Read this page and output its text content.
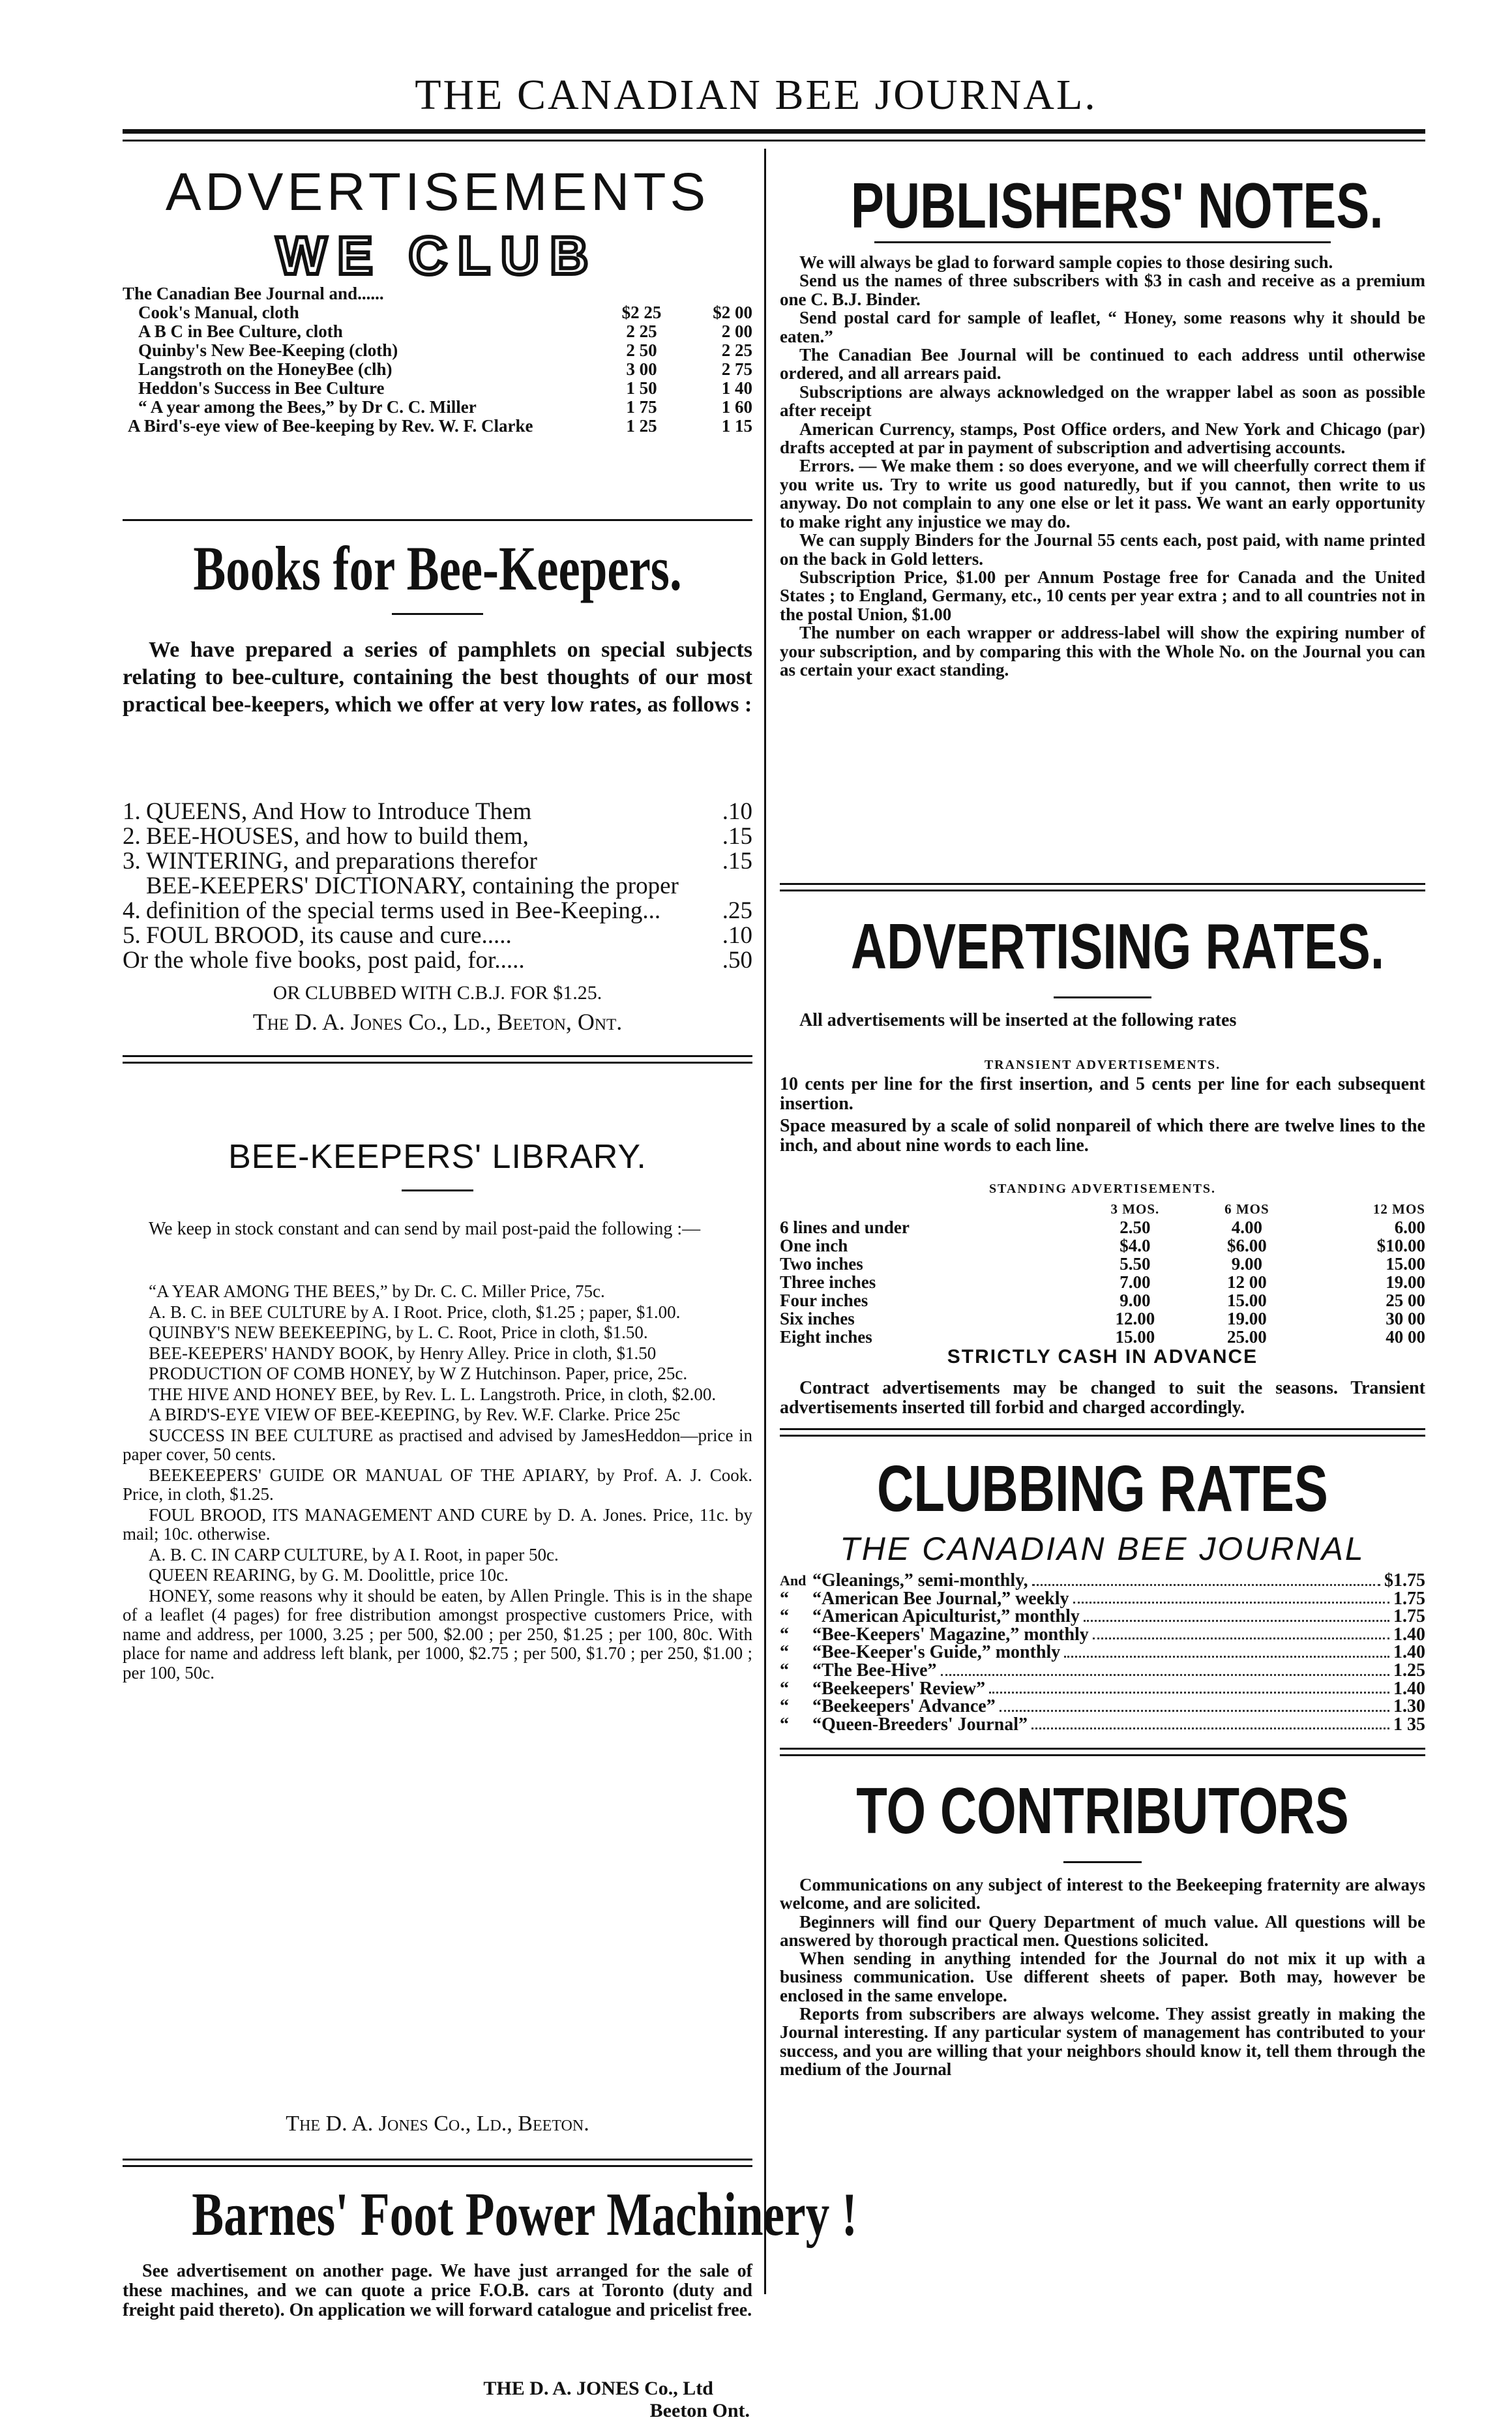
THE CANADIAN BEE JOURNAL.
ADVERTISEMENTS
WE CLUB
The Canadian Bee Journal and......
Cook's Manual, cloth	$2 25	$2 00
A B C in Bee Culture, cloth	2 25	2 00
Quinby's New Bee-Keeping (cloth)	2 50	2 25
Langstroth on the HoneyBee (clh)	3 00	2 75
Heddon's Success in Bee Culture	1 50	1 40
“ A year among the Bees,” by Dr C. C. Miller	1 75	1 60
A Bird's-eye view of Bee-keeping by Rev. W. F. Clarke	1 25	1 15
Books for Bee-Keepers.
We have prepared a series of pamphlets on special subjects relating to bee-culture, containing the best thoughts of our most practical bee-keepers, which we offer at very low rates, as follows :
1. QUEENS, And How to Introduce Them	.10
2. BEE-HOUSES, and how to build them,	.15
3. WINTERING, and preparations therefor	.15
4.
BEE-KEEPERS' DICTIONARY, containing the proper definition of the special terms used in Bee-Keeping...	.25
5. FOUL BROOD, its cause and cure.....	.10
Or the whole five books, post paid, for.....	.50
OR CLUBBED WITH C.B.J. FOR $1.25.
The D. A. Jones Co., Ld., Beeton, Ont.
BEE-KEEPERS' LIBRARY.
We keep in stock constant and can send by mail post-paid the following :—

“A YEAR AMONG THE BEES,” by Dr. C. C. Miller Price, 75c.

A. B. C. in BEE CULTURE by A. I Root. Price, cloth, $1.25 ; paper, $1.00.

QUINBY'S NEW BEEKEEPING, by L. C. Root, Price in cloth, $1.50.

BEE-KEEPERS' HANDY BOOK, by Henry Alley. Price in cloth, $1.50

PRODUCTION OF COMB HONEY, by W Z Hutchinson. Paper, price, 25c.

THE HIVE AND HONEY BEE, by Rev. L. L. Langstroth. Price, in cloth, $2.00.

A BIRD'S-EYE VIEW OF BEE-KEEPING, by Rev. W.F. Clarke. Price 25c

SUCCESS IN BEE CULTURE as practised and advised by JamesHeddon—price in paper cover, 50 cents.

BEEKEEPERS' GUIDE OR MANUAL OF THE APIARY, by Prof. A. J. Cook. Price, in cloth, $1.25.

FOUL BROOD, ITS MANAGEMENT AND CURE by D. A. Jones. Price, 11c. by mail; 10c. otherwise.

A. B. C. IN CARP CULTURE, by A I. Root, in paper 50c.

QUEEN REARING, by G. M. Doolittle, price 10c.

HONEY, some reasons why it should be eaten, by Allen Pringle. This is in the shape of a leaflet (4 pages) for free distribution amongst prospective customers Price, with name and address, per 1000, 3.25 ; per 500, $2.00 ; per 250, $1.25 ; per 100, 80c. With place for name and address left blank, per 1000, $2.75 ; per 500, $1.70 ; per 250, $1.00 ; per 100, 50c.

The D. A. Jones Co., Ld., Beeton.
Barnes' Foot Power Machinery !
See advertisement on another page. We have just arranged for the sale of these machines, and we can quote a price F.O.B. cars at Toronto (duty and freight paid thereto). On application we will forward catalogue and pricelist free.
THE D. A. JONES Co., Ltd
Beeton Ont.
PUBLISHERS' NOTES.

We will always be glad to forward sample copies to those desiring such.

Send us the names of three subscribers with $3 in cash and receive as a premium one C. B.J. Binder.

Send postal card for sample of leaflet, “ Honey, some reasons why it should be eaten.”

The Canadian Bee Journal will be continued to each address until otherwise ordered, and all arrears paid.

Subscriptions are always acknowledged on the wrapper label as soon as possible after receipt

American Currency, stamps, Post Office orders, and New York and Chicago (par) drafts accepted at par in payment of subscription and advertising accounts.

Errors. — We make them : so does everyone, and we will cheerfully correct them if you write us. Try to write us good naturedly, but if you cannot, then write to us anyway. Do not complain to any one else or let it pass. We want an early opportunity to make right any injustice we may do.

We can supply Binders for the Journal 55 cents each, post paid, with name printed on the back in Gold letters.

Subscription Price, $1.00 per Annum Postage free for Canada and the United States ; to England, Germany, etc., 10 cents per year extra ; and to all countries not in the postal Union, $1.00

The number on each wrapper or address-label will show the expiring number of your subscription, and by comparing this with the Whole No. on the Journal you can as certain your exact standing.

ADVERTISING RATES.
All advertisements will be inserted at the following rates
TRANSIENT ADVERTISEMENTS.
10 cents per line for the first insertion, and 5 cents per line for each subsequent insertion.
Space measured by a scale of solid nonpareil of which there are twelve lines to the inch, and about nine words to each line.
STANDING ADVERTISEMENTS.
	3 MOS.	6 MOS	12 MOS
6 lines and under	2.50	4.00	6.00
One inch	$4.0	$6.00	$10.00
Two inches	5.50	9.00	15.00
Three inches	7.00	12 00	19.00
Four inches	9.00	15.00	25 00
Six inches	12.00	19.00	30 00
Eight inches	15.00	25.00	40 00
STRICTLY CASH IN ADVANCE
Contract advertisements may be changed to suit the seasons. Transient advertisements inserted till forbid and charged accordingly.
CLUBBING RATES
THE CANADIAN BEE JOURNAL
And “Gleanings,” semi-monthly,	$1.75
“	“American Bee Journal,” weekly	1.75
“	“American Apiculturist,” monthly	1.75
“	“Bee-Keepers' Magazine,” monthly	1.40
“	“Bee-Keeper's Guide,” monthly	1.40
“	“The Bee-Hive”	1.25
“	“Beekeepers' Review”	1.40
“	“Beekeepers' Advance”	1.30
“	“Queen-Breeders' Journal”	1 35
TO CONTRIBUTORS

Communications on any subject of interest to the Beekeeping fraternity are always welcome, and are solicited.

Beginners will find our Query Department of much value. All questions will be answered by thorough practical men. Questions solicited.

When sending in anything intended for the Journal do not mix it up with a business communication. Use different sheets of paper. Both may, however be enclosed in the same envelope.

Reports from subscribers are always welcome. They assist greatly in making the Journal interesting. If any particular system of management has contributed to your success, and you are willing that your neighbors should know it, tell them through the medium of the Journal
